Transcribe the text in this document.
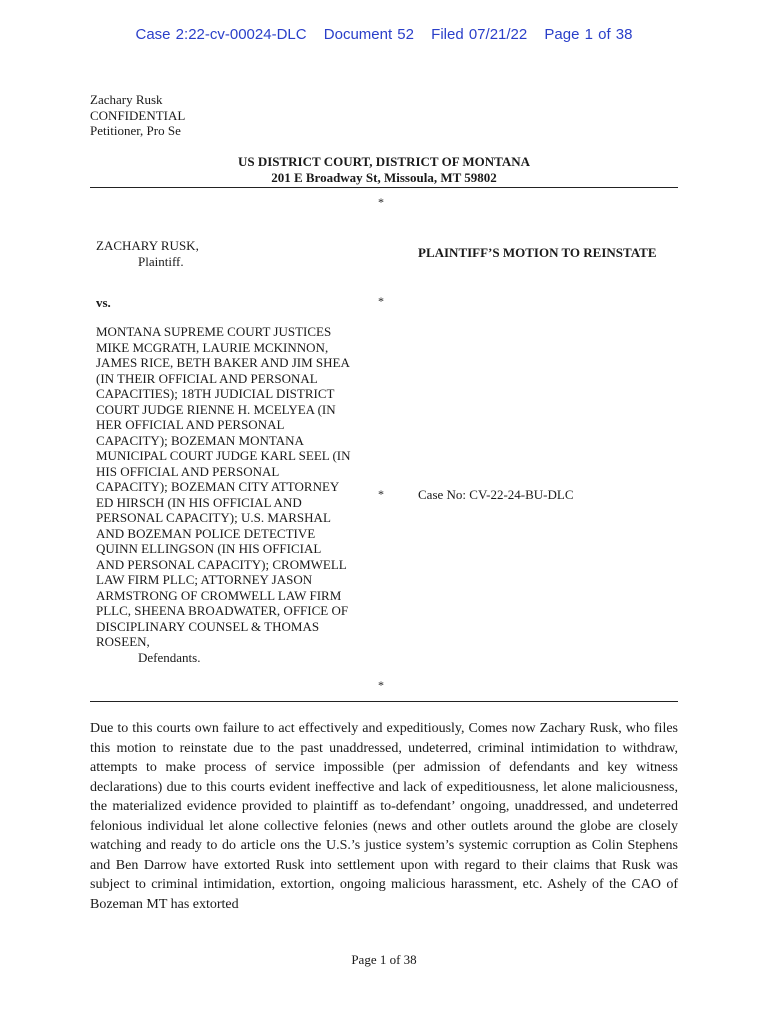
Case 2:22-cv-00024-DLC Document 52 Filed 07/21/22 Page 1 of 38
Zachary Rusk
CONFIDENTIAL
Petitioner, Pro Se
US DISTRICT COURT, DISTRICT OF MONTANA
201 E Broadway St, Missoula, MT 59802
*
ZACHARY RUSK,
Plaintiff.
PLAINTIFF’S MOTION TO REINSTATE
vs.	*
MONTANA SUPREME COURT JUSTICES
MIKE MCGRATH, LAURIE MCKINNON,
JAMES RICE, BETH BAKER AND JIM SHEA
(IN THEIR OFFICIAL AND PERSONAL
CAPACITIES); 18TH JUDICIAL DISTRICT
COURT JUDGE RIENNE H. MCELYEA (IN
HER OFFICIAL AND PERSONAL
CAPACITY); BOZEMAN MONTANA
MUNICIPAL COURT JUDGE KARL SEEL (IN
HIS OFFICIAL AND PERSONAL
CAPACITY); BOZEMAN CITY ATTORNEY
ED HIRSCH (IN HIS OFFICIAL AND
PERSONAL CAPACITY); U.S. MARSHAL
AND BOZEMAN POLICE DETECTIVE
QUINN ELLINGSON (IN HIS OFFICIAL
AND PERSONAL CAPACITY); CROMWELL
LAW FIRM PLLC; ATTORNEY JASON
ARMSTRONG OF CROMWELL LAW FIRM
PLLC, SHEENA BROADWATER, OFFICE OF
DISCIPLINARY COUNSEL & THOMAS
ROSEEN,
Defendants.
*	Case No: CV-22-24-BU-DLC
*
Due to this courts own failure to act effectively and expeditiously, Comes now Zachary Rusk, who files this motion to reinstate due to the past unaddressed, undeterred, criminal intimidation to withdraw, attempts to make process of service impossible (per admission of defendants and key witness declarations) due to this courts evident ineffective and lack of expeditiousness, let alone maliciousness, the materialized evidence provided to plaintiff as to-defendant’ ongoing, unaddressed, and undeterred felonious individual let alone collective felonies (news and other outlets around the globe are closely watching and ready to do article ons the U.S.’s justice system’s systemic corruption as Colin Stephens and Ben Darrow have extorted Rusk into settlement upon with regard to their claims that Rusk was subject to criminal intimidation, extortion, ongoing malicious harassment, etc. Ashely of the CAO of Bozeman MT has extorted
Page 1 of 38
